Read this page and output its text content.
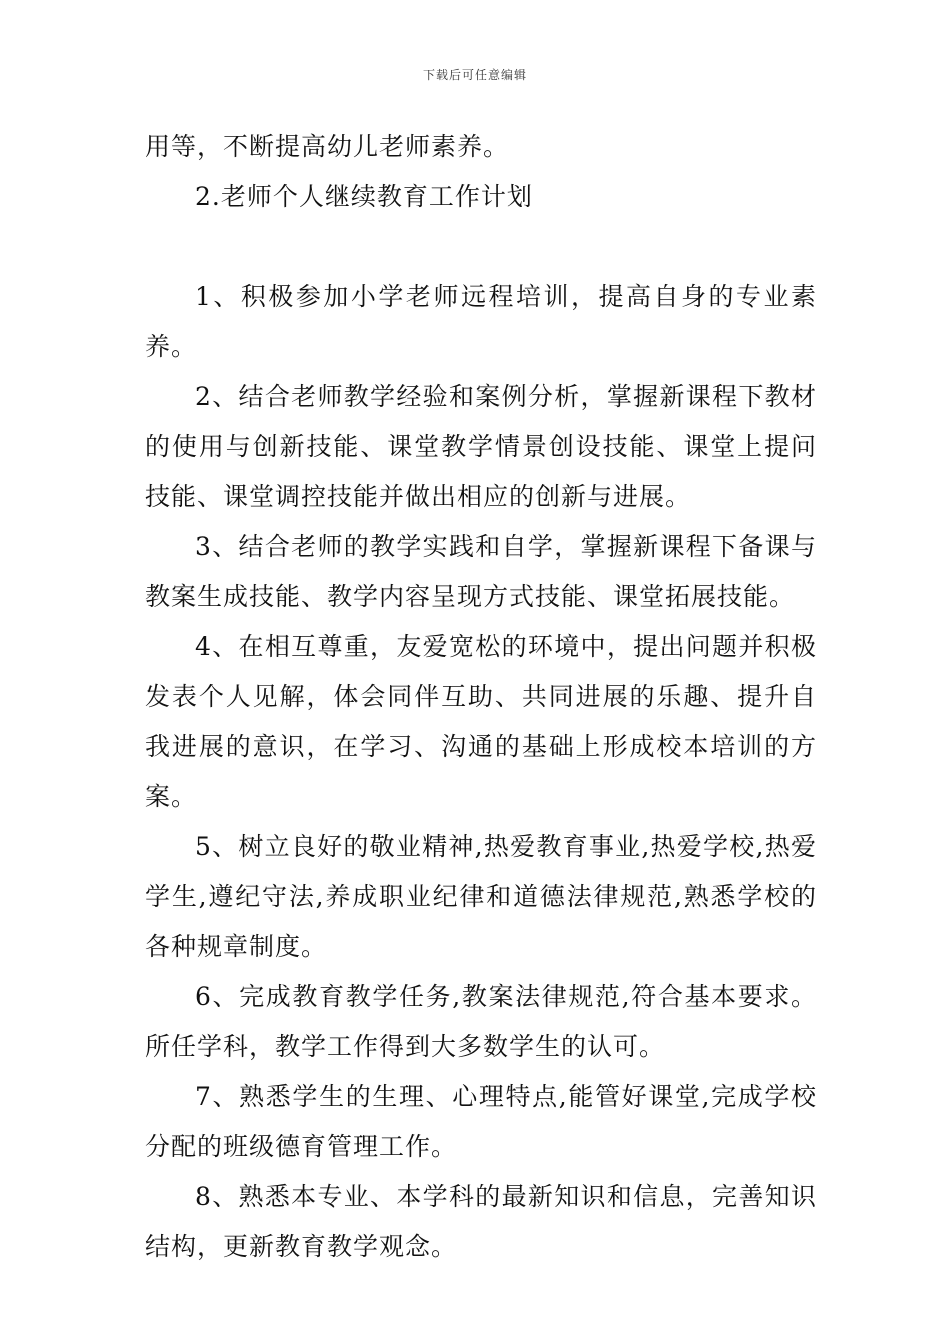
下载后可任意编辑

用等，不断提高幼儿老师素养。

2.老师个人继续教育工作计划

1、积极参加小学老师远程培训，提高自身的专业素养。

2、结合老师教学经验和案例分析，掌握新课程下教材的使用与创新技能、课堂教学情景创设技能、课堂上提问技能、课堂调控技能并做出相应的创新与进展。

3、结合老师的教学实践和自学，掌握新课程下备课与教案生成技能、教学内容呈现方式技能、课堂拓展技能。

4、在相互尊重，友爱宽松的环境中，提出问题并积极发表个人见解，体会同伴互助、共同进展的乐趣、提升自我进展的意识，在学习、沟通的基础上形成校本培训的方案。

5、树立良好的敬业精神,热爱教育事业,热爱学校,热爱学生,遵纪守法,养成职业纪律和道德法律规范,熟悉学校的各种规章制度。

6、完成教育教学任务,教案法律规范,符合基本要求。所任学科，教学工作得到大多数学生的认可。

7、熟悉学生的生理、心理特点,能管好课堂,完成学校分配的班级德育管理工作。

8、熟悉本专业、本学科的最新知识和信息，完善知识结构，更新教育教学观念。
